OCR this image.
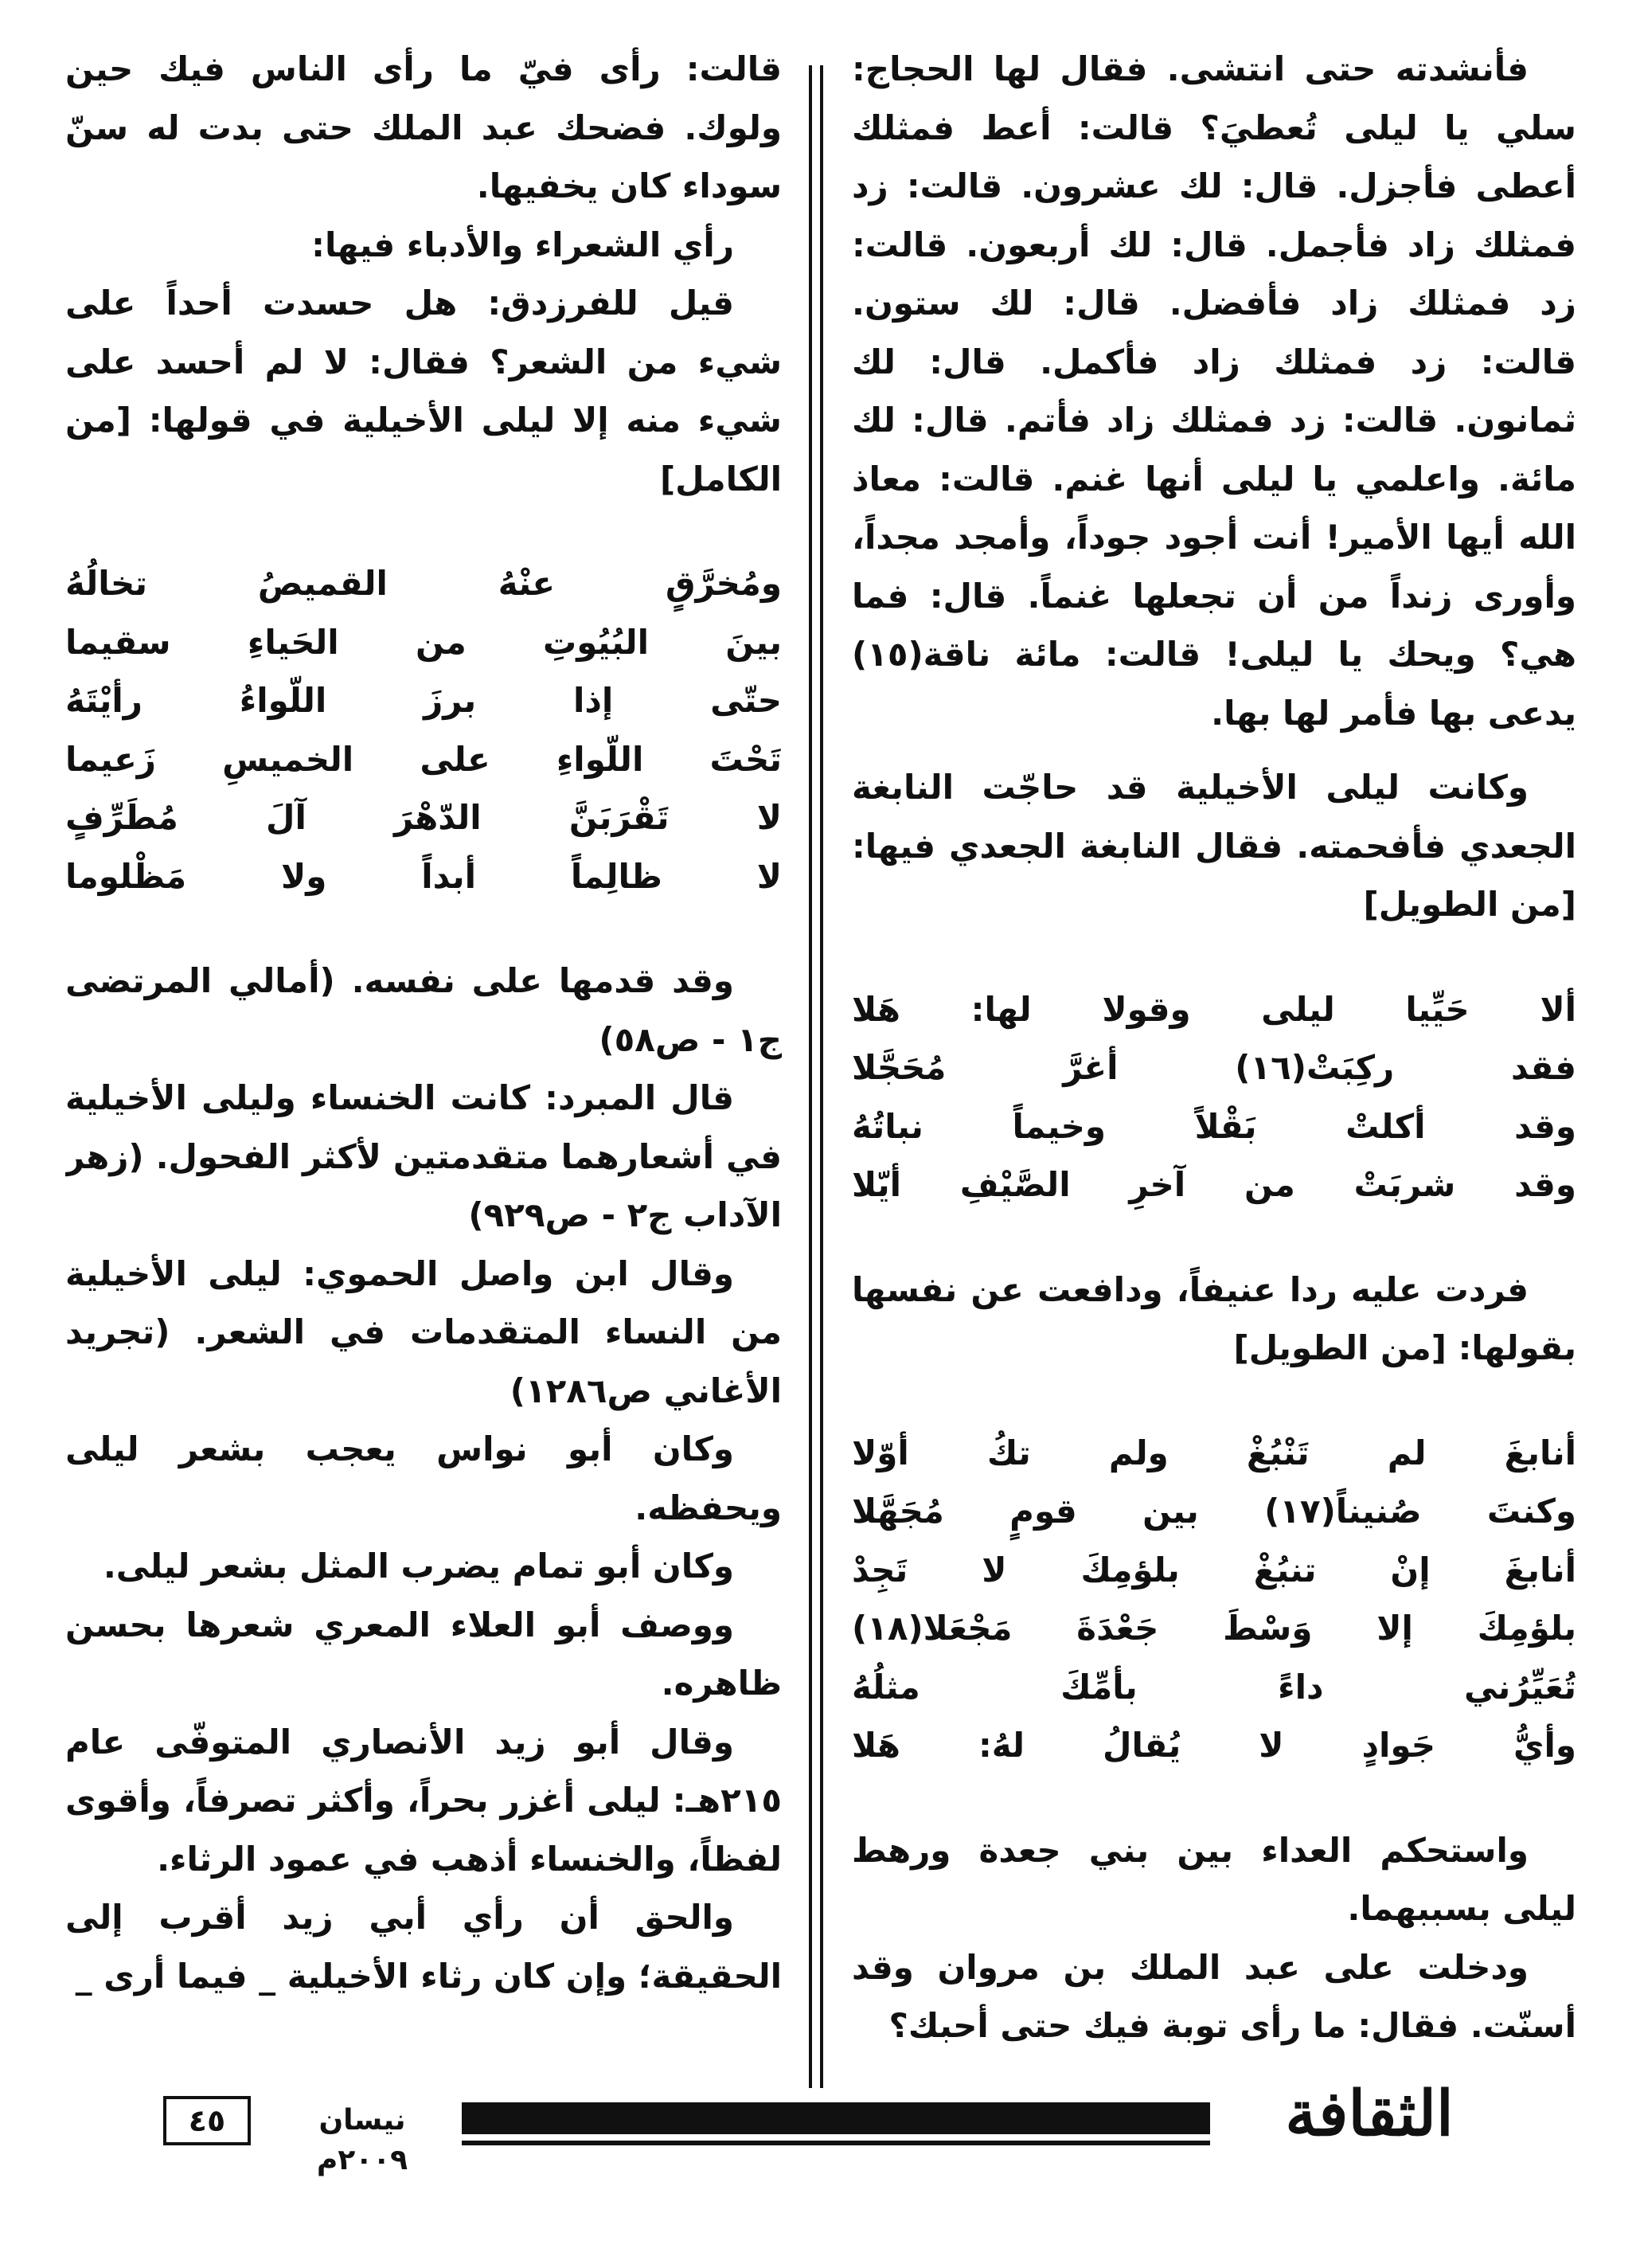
فأنشدته حتى انتشى. فقال لها الحجاج: سلي يا ليلى تُعطيَ؟ قالت: أعط فمثلك أعطى فأجزل. قال: لك عشرون. قالت: زد فمثلك زاد فأجمل. قال: لك أربعون. قالت: زد فمثلك زاد فأفضل. قال: لك ستون. قالت: زد فمثلك زاد فأكمل. قال: لك ثمانون. قالت: زد فمثلك زاد فأتم. قال: لك مائة. واعلمي يا ليلى أنها غنم. قالت: معاذ الله أيها الأمير! أنت أجود جوداً، وأمجد مجداً، وأورى زنداً من أن تجعلها غنماً. قال: فما هي؟ ويحك يا ليلى! قالت: مائة ناقة(١٥) يدعى بها فأمر لها بها.

وكانت ليلى الأخيلية قد حاجّت النابغة الجعدي فأفحمته. فقال النابغة الجعدي فيها: [من الطويل]

ألا حَيِّيا ليلى وقولا لها: هَلا

فقد ركِبَتْ(١٦) أغرَّ مُحَجَّلا

وقد أكلتْ بَقْلاً وخيماً نباتُهُ

وقد شربَتْ من آخرِ الصَّيْفِ أيّلا

فردت عليه ردا عنيفاً، ودافعت عن نفسها بقولها: [من الطويل]

أنابغَ لم تَنْبُغْ ولم تكُ أوّلا

وكنتَ صُنيناً(١٧) بين قومٍ مُجَهَّلا

أنابغَ إنْ تنبُغْ بلؤمِكَ لا تَجِدْ

بلؤمِكَ إلا وَسْطَ جَعْدَةَ مَجْعَلا(١٨)

تُعَيِّرُني داءً بأمِّكَ مثلُهُ

وأيُّ جَوادٍ لا يُقالُ لهُ: هَلا

واستحكم العداء بين بني جعدة ورهط ليلى بسببهما.

ودخلت على عبد الملك بن مروان وقد أسنّت. فقال: ما رأى توبة فيك حتى أحبك؟

قالت: رأى فيّ ما رأى الناس فيك حين ولوك. فضحك عبد الملك حتى بدت له سنّ سوداء كان يخفيها.

رأي الشعراء والأدباء فيها:

قيل للفرزدق: هل حسدت أحداً على شيء من الشعر؟ فقال: لا لم أحسد على شيء منه إلا ليلى الأخيلية في قولها: [من الكامل]

ومُخرَّقٍ عنْهُ القميصُ تخالُهُ

بينَ البُيُوتِ من الحَياءِ سقيما

حتّى إذا برزَ اللّواءُ رأيْتَهُ

تَحْتَ اللّواءِ على الخميسِ زَعيما

لا تَقْرَبَنَّ الدّهْرَ آلَ مُطَرِّفٍ

لا ظالِماً أبداً ولا مَظْلوما

وقد قدمها على نفسه. (أمالي المرتضى ج١ - ص٥٨)

قال المبرد: كانت الخنساء وليلى الأخيلية في أشعارهما متقدمتين لأكثر الفحول. (زهر الآداب ج٢ - ص٩٢٩)

وقال ابن واصل الحموي: ليلى الأخيلية من النساء المتقدمات في الشعر. (تجريد الأغاني ص١٢٨٦)

وكان أبو نواس يعجب بشعر ليلى ويحفظه.

وكان أبو تمام يضرب المثل بشعر ليلى.

ووصف أبو العلاء المعري شعرها بحسن ظاهره.

وقال أبو زيد الأنصاري المتوفّى عام ٢١٥هـ: ليلى أغزر بحراً، وأكثر تصرفاً، وأقوى لفظاً، والخنساء أذهب في عمود الرثاء.

والحق أن رأي أبي زيد أقرب إلى الحقيقة؛ وإن كان رثاء الأخيلية _ فيما أرى _

الثقافة
نيسان ٢٠٠٩م
٤٥
